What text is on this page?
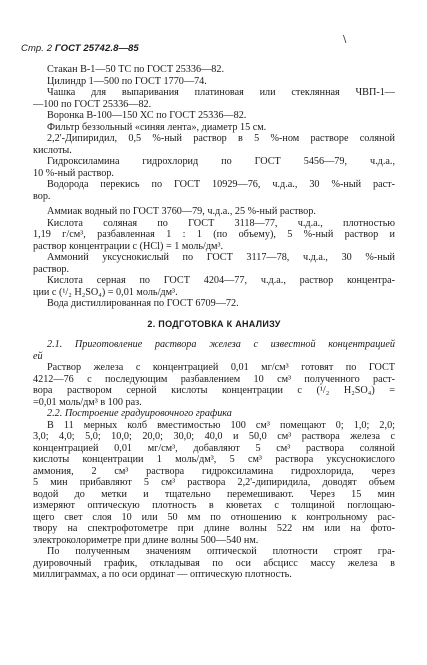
Стр. 2 ГОСТ 25742.8—85
\
Стакан В-1—50 ТС по ГОСТ 25336—82.
Цилиндр 1—500 по ГОСТ 1770—74.
Чашка для выпаривания платиновая или стеклянная ЧВП-1—
—100 по ГОСТ 25336—82.
Воронка В-100—150 ХС по ГОСТ 25336—82.
Фильтр беззольный «синяя лента», диаметр 15 см.
2,2'-Дипиридил, 0,5 %-ный раствор в 5 %-ном растворе соляной
кислоты.
Гидроксиламина гидрохлорид по ГОСТ 5456—79, ч.д.а.,
10 %-ный раствор.
Водорода перекись по ГОСТ 10929—76, ч.д.а., 30 %-ный раст-
вор.
Аммиак водный по ГОСТ 3760—79, ч.д.а., 25 %-ный раствор.
Кислота соляная по ГОСТ 3118—77, ч.д.а., плотностью
1,19 г/см³, разбавленная 1 : 1 (по объему), 5 %-ный раствор и
раствор концентрации с (HCl) = 1 моль/дм³.
Аммоний уксуснокислый по ГОСТ 3117—78, ч.д.а., 30 %-ный
раствор.
Кислота серная по ГОСТ 4204—77, ч.д.а., раствор концентра-
ции с (¹/₂ H₂SO₄) = 0,01 моль/дм³.
Вода дистиллированная по ГОСТ 6709—72.
2. ПОДГОТОВКА К АНАЛИЗУ
2.1. Приготовление раствора железа с известной концентрацией
ей
Раствор железа с концентрацией 0,01 мг/см³ готовят по ГОСТ
4212—76 с последующим разбавлением 10 см³ полученного раст-
вора раствором серной кислоты концентрации с (¹/₂ H₂SO₄) =
=0,01 моль/дм³ в 100 раз.
2.2. Построение градуировочного графика
В 11 мерных колб вместимостью 100 см³ помещают 0; 1,0; 2,0;
3,0; 4,0; 5,0; 10,0; 20,0; 30,0; 40,0 и 50,0 см³ раствора железа с
концентрацией 0,01 мг/см³, добавляют 5 см³ раствора соляной
кислоты концентрации 1 моль/дм³, 5 см³ раствора уксуснокислого
аммония, 2 см³ раствора гидроксиламина гидрохлорида, через
5 мин прибавляют 5 см³ раствора 2,2'-дипиридила, доводят объем
водой до метки и тщательно перемешивают. Через 15 мин
измеряют оптическую плотность в кюветах с толщиной поглощаю-
щего свет слоя 10 или 50 мм по отношению к контрольному рас-
твору на спектрофотометре при длине волны 522 нм или на фото-
электроколориметре при длине волны 500—540 нм.
По полученным значениям оптической плотности строят гра-
дуировочный график, откладывая по оси абсцисс массу железа в
миллиграммах, а по оси ординат — оптическую плотность.
